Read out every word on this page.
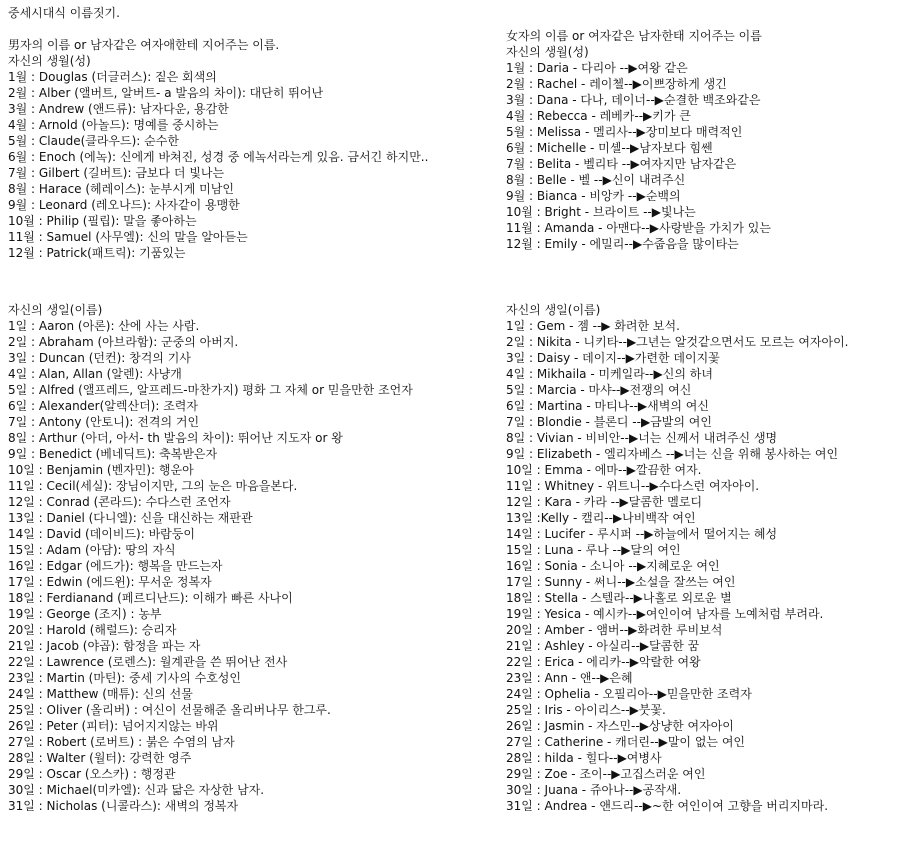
중세시대식 이름짓기.
男자의 이름 or 남자같은 여자애한테 지어주는 이름.
자신의 생월(성)
1월 : Douglas (더글러스): 짙은 회색의
2월 : Alber (앨버트, 알버트- a 발음의 차이): 대단히 뛰어난
3월 : Andrew (앤드류): 남자다운, 용감한
4월 : Arnold (아놀드): 명예를 중시하는
5월 : Claude(클라우드): 순수한
6월 : Enoch (에녹): 신에게 바쳐진, 성경 중 에녹서라는게 있음. 금서긴 하지만..
7월 : Gilbert (길버트): 금보다 더 빛나는
8월 : Harace (헤레이스): 눈부시게 미남인
9월 : Leonard (레오나드): 사자같이 용맹한
10월 : Philip (필립): 말을 좋아하는
11월 : Samuel (사무엘): 신의 말을 알아듣는
12월 : Patrick(패트릭): 기품있는
女자의 이름 or 여자같은 남자한태 지어주는 이름
자신의 생월(성)
1월 : Daria - 다리아 --▶여왕 같은
2월 : Rachel - 레이첼--▶이쁘장하게 생긴
3월 : Dana - 다나, 데이너--▶순결한 백조와같은
4월 : Rebecca - 레베카--▶키가 큰
5월 : Melissa - 멜리사--▶장미보다 매력적인
6월 : Michelle - 미셸--▶남자보다 힘쎈
7월 : Belita - 벨리타 --▶여자지만 남자같은
8월 : Belle - 벨 --▶신이 내려주신
9월 : Bianca - 비앙카 --▶순백의
10월 : Bright - 브라이트 --▶빛나는
11월 : Amanda - 아맨다--▶사랑받을 가치가 있는
12월 : Emily - 에밀리--▶수줍음을 많이타는
자신의 생일(이름)
1일 : Aaron (아론): 산에 사는 사람.
2일 : Abraham (아브라함): 군중의 아버지.
3일 : Duncan (던컨): 창걱의 기사
4일 : Alan, Allan (알렌): 사냥개
5일 : Alfred (앨프레드, 알프레드-마찬가지) 평화 그 자체 or 믿을만한 조언자
6일 : Alexander(알렉산더): 조력자
7일 : Antony (안토니): 전격의 거인
8일 : Arthur (아더, 아서- th 발음의 차이): 뛰어난 지도자 or 왕
9일 : Benedict (베네딕트): 축복받은자
10일 : Benjamin (벤자민): 행운아
11일 : Cecil(세실): 장님이지만, 그의 눈은 마음을본다.
12일 : Conrad (콘라드): 수다스런 조언자
13일 : Daniel (다니엘): 신을 대신하는 재판관
14일 : David (데이비드): 바람둥이
15일 : Adam (아담): 땅의 자식
16일 : Edgar (에드가): 행복을 만드는자
17일 : Edwin (에드윈): 무서운 정복자
18일 : Ferdianand (페르디난드): 이해가 빠른 사나이
19일 : George (조지) : 농부
20일 : Harold (해럴드): 승리자
21일 : Jacob (야곱): 함정을 파는 자
22일 : Lawrence (로렌스): 월계관을 쓴 뛰어난 전사
23일 : Martin (마틴): 중세 기사의 수호성인
24일 : Matthew (매튜): 신의 선물
25일 : Oliver (올리버) : 여신이 선물해준 올리버나무 한그루.
26일 : Peter (피터): 넘어지지않는 바위
27일 : Robert (로버트) : 붉은 수염의 남자
28일 : Walter (월터): 강력한 영주
29일 : Oscar (오스카) : 행정관
30일 : Michael(미카엘): 신과 닮은 자상한 남자.
31일 : Nicholas (니콜라스): 새벽의 정복자
자신의 생일(이름)
1일 : Gem - 젬 --▶ 화려한 보석.
2일 : Nikita - 니키타--▶그년는 알것같으면서도 모르는 여자아이.
3일 : Daisy - 데이지--▶가련한 데이지꽃
4일 : Mikhaila - 미케일라--▶신의 하녀
5일 : Marcia - 마샤--▶전쟁의 여신
6일 : Martina - 마티나--▶새벽의 여신
7일 : Blondie - 블론디 --▶금발의 여인
8일 : Vivian - 비비안--▶너는 신께서 내려주신 생명
9일 : Elizabeth - 엘리자베스 --▶너는 신을 위해 봉사하는 여인
10일 : Emma - 에마--▶깔끔한 여자.
11일 : Whitney - 위트니--▶수다스런 여자아이.
12일 : Kara - 카라 --▶달콤한 멜로디
13일 :Kelly - 캘리--▶나비백작 여인
14일 : Lucifer - 루시퍼 --▶하늘에서 떨어지는 혜성
15일 : Luna - 루나 --▶달의 여인
16일 : Sonia - 소니아 --▶지혜로운 여인
17일 : Sunny - 써니--▶소설을 잘쓰는 여인
18일 : Stella - 스텔라--▶나홀로 외로운 별
19일 : Yesica - 예시카--▶여인이여 남자를 노예처럼 부려라.
20일 : Amber - 앰버--▶화려한 루비보석
21일 : Ashley - 아실리--▶달콤한 꿈
22일 : Erica - 에리카--▶악랄한 여왕
23일 : Ann - 앤--▶은혜
24일 : Ophelia - 오필리아--▶믿을만한 조력자
25일 : Iris - 아이리스--▶붓꽃.
26일 : Jasmin - 자스민--▶상냥한 여자아이
27일 : Catherine - 캐더린--▶말이 없는 여인
28일 : hilda - 힐다--▶여병사
29일 : Zoe - 조이--▶고집스러운 여인
30일 : Juana - 쥬아나--▶공작새.
31일 : Andrea - 앤드리--▶~한 여인이여 고향을 버리지마라.
